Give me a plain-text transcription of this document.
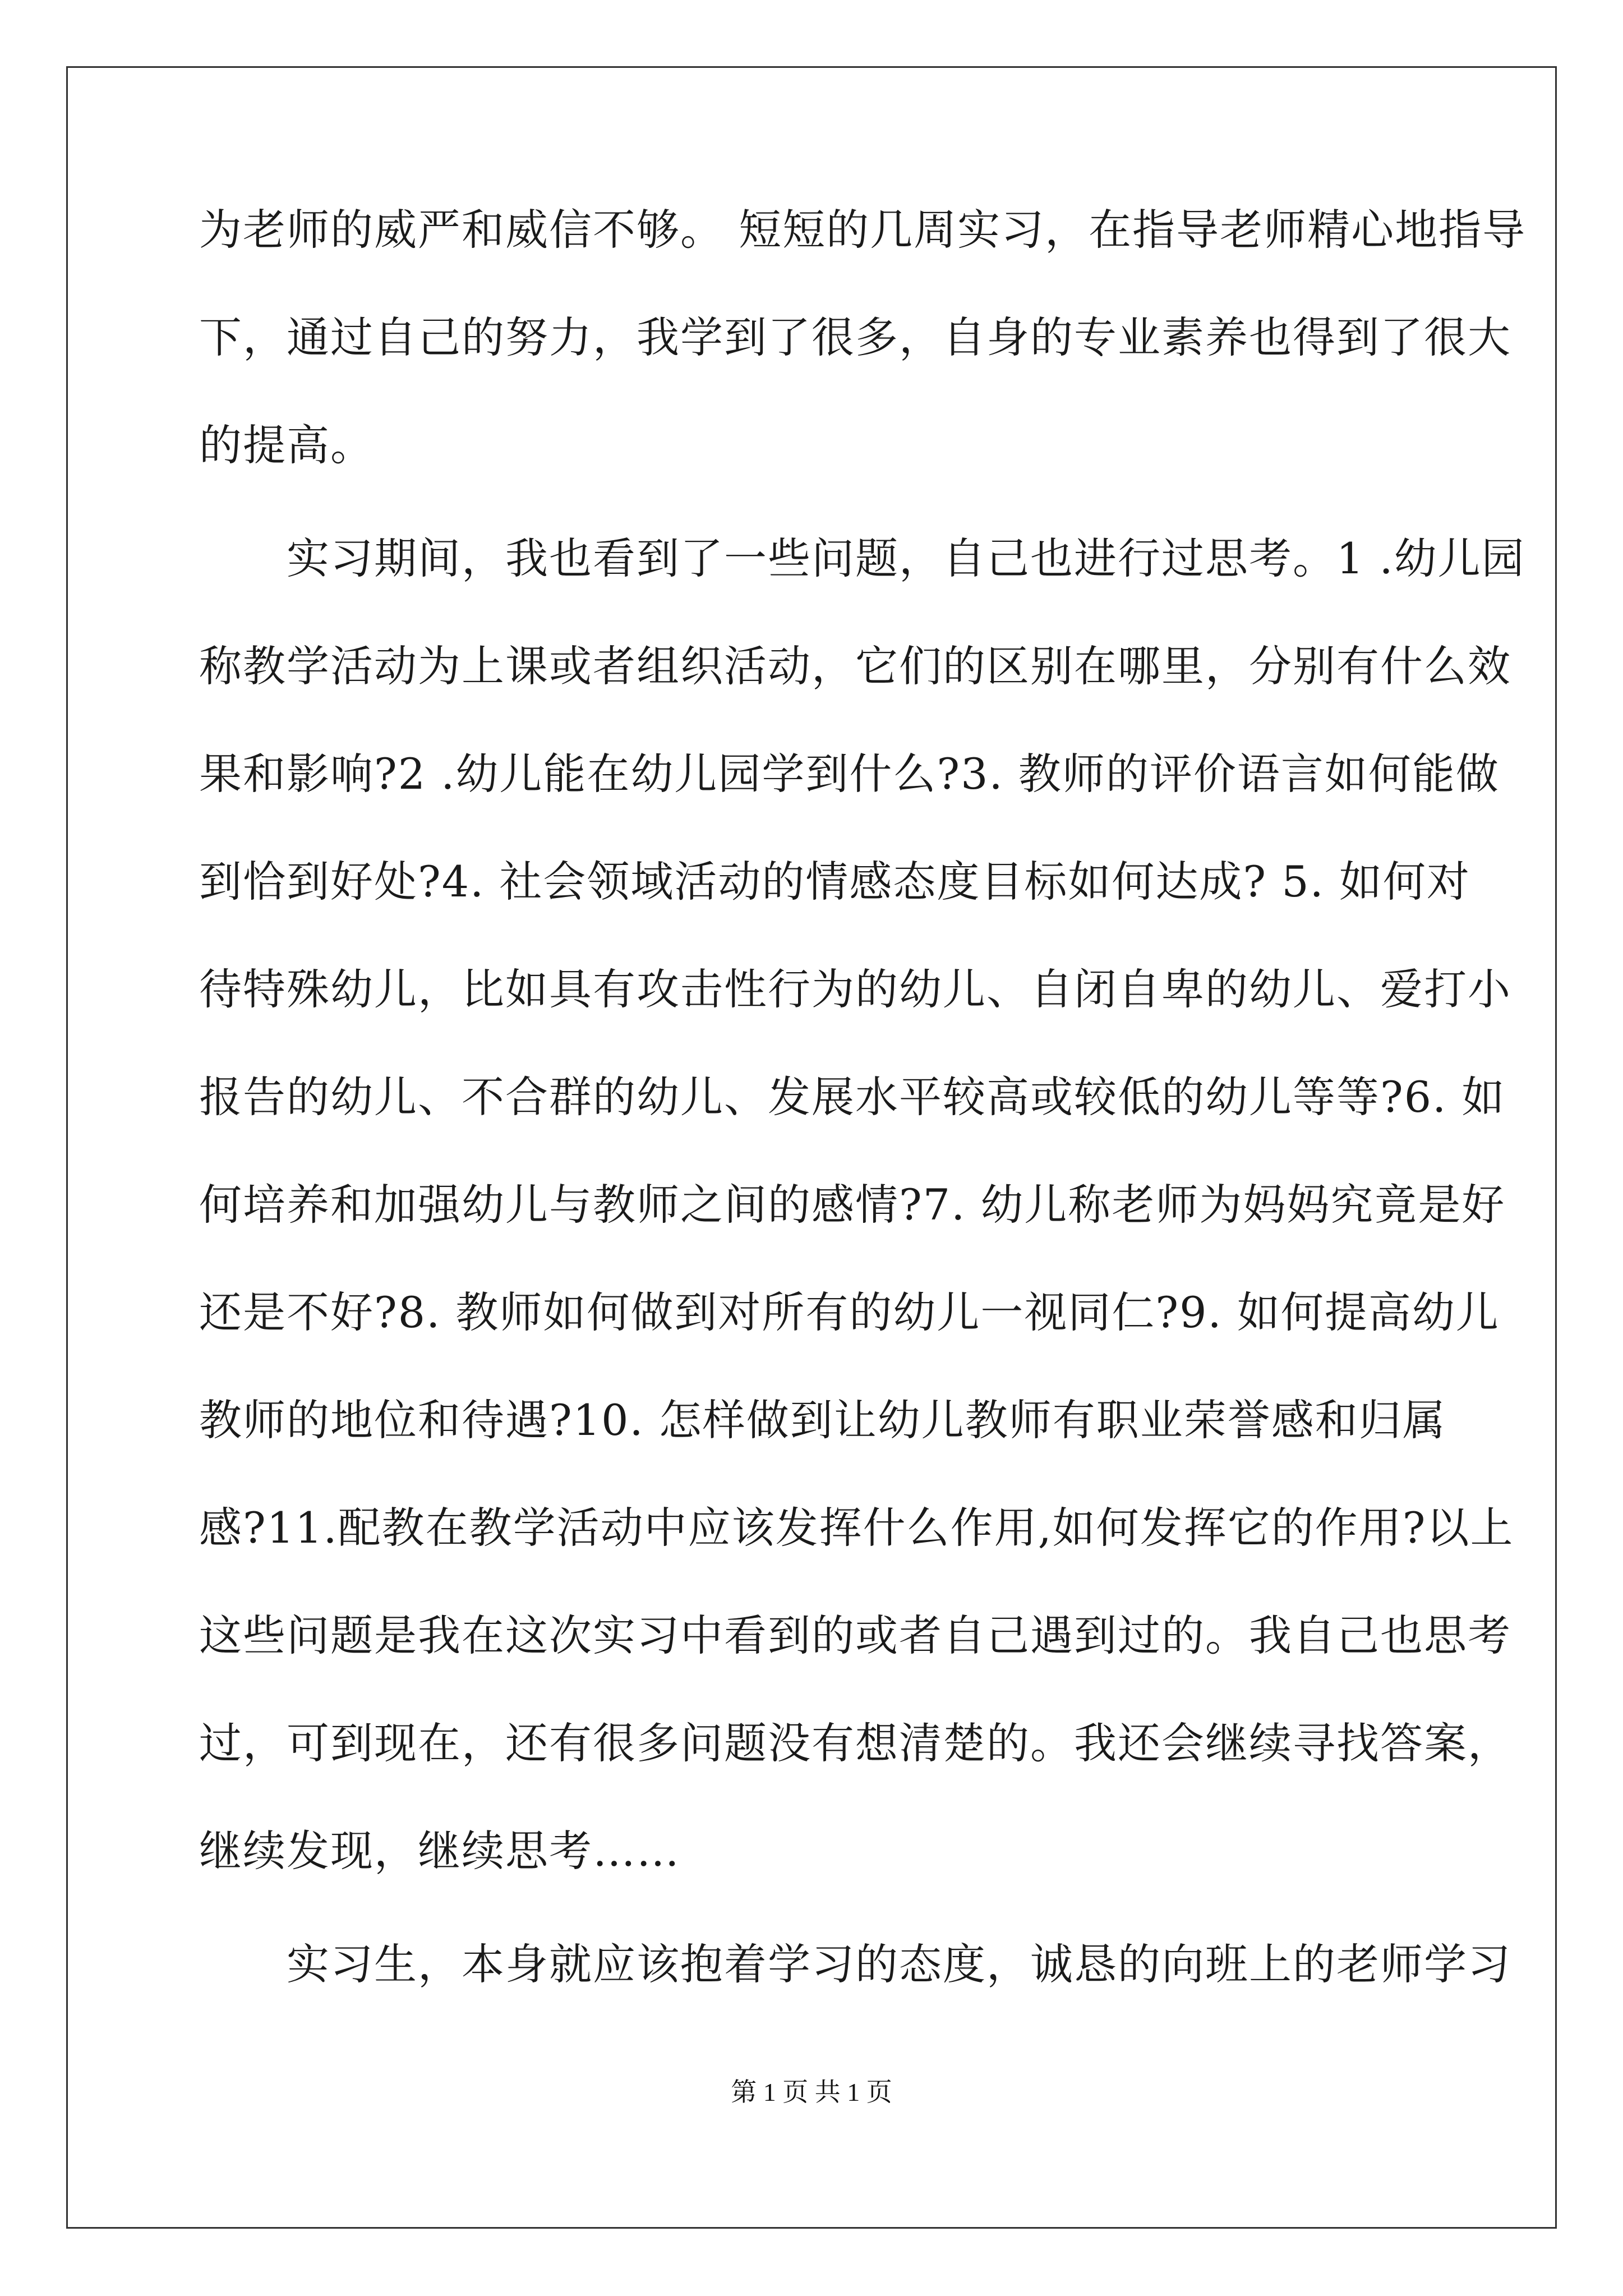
为老师的威严和威信不够。 短短的几周实习，在指导老师精心地指导
下，通过自己的努力，我学到了很多，自身的专业素养也得到了很大
的提高。
　　实习期间，我也看到了一些问题，自己也进行过思考。1 .幼儿园
称教学活动为上课或者组织活动，它们的区别在哪里，分别有什么效
果和影响?2 .幼儿能在幼儿园学到什么?3. 教师的评价语言如何能做
到恰到好处?4. 社会领域活动的情感态度目标如何达成? 5. 如何对
待特殊幼儿，比如具有攻击性行为的幼儿、自闭自卑的幼儿、爱打小
报告的幼儿、不合群的幼儿、发展水平较高或较低的幼儿等等?6. 如
何培养和加强幼儿与教师之间的感情?7. 幼儿称老师为妈妈究竟是好
还是不好?8. 教师如何做到对所有的幼儿一视同仁?9. 如何提高幼儿
教师的地位和待遇?10. 怎样做到让幼儿教师有职业荣誉感和归属
感?11.配教在教学活动中应该发挥什么作用,如何发挥它的作用?以上
这些问题是我在这次实习中看到的或者自己遇到过的。我自己也思考
过，可到现在，还有很多问题没有想清楚的。我还会继续寻找答案，
继续发现，继续思考……
　　实习生，本身就应该抱着学习的态度，诚恳的向班上的老师学习
第 1 页 共 1 页
